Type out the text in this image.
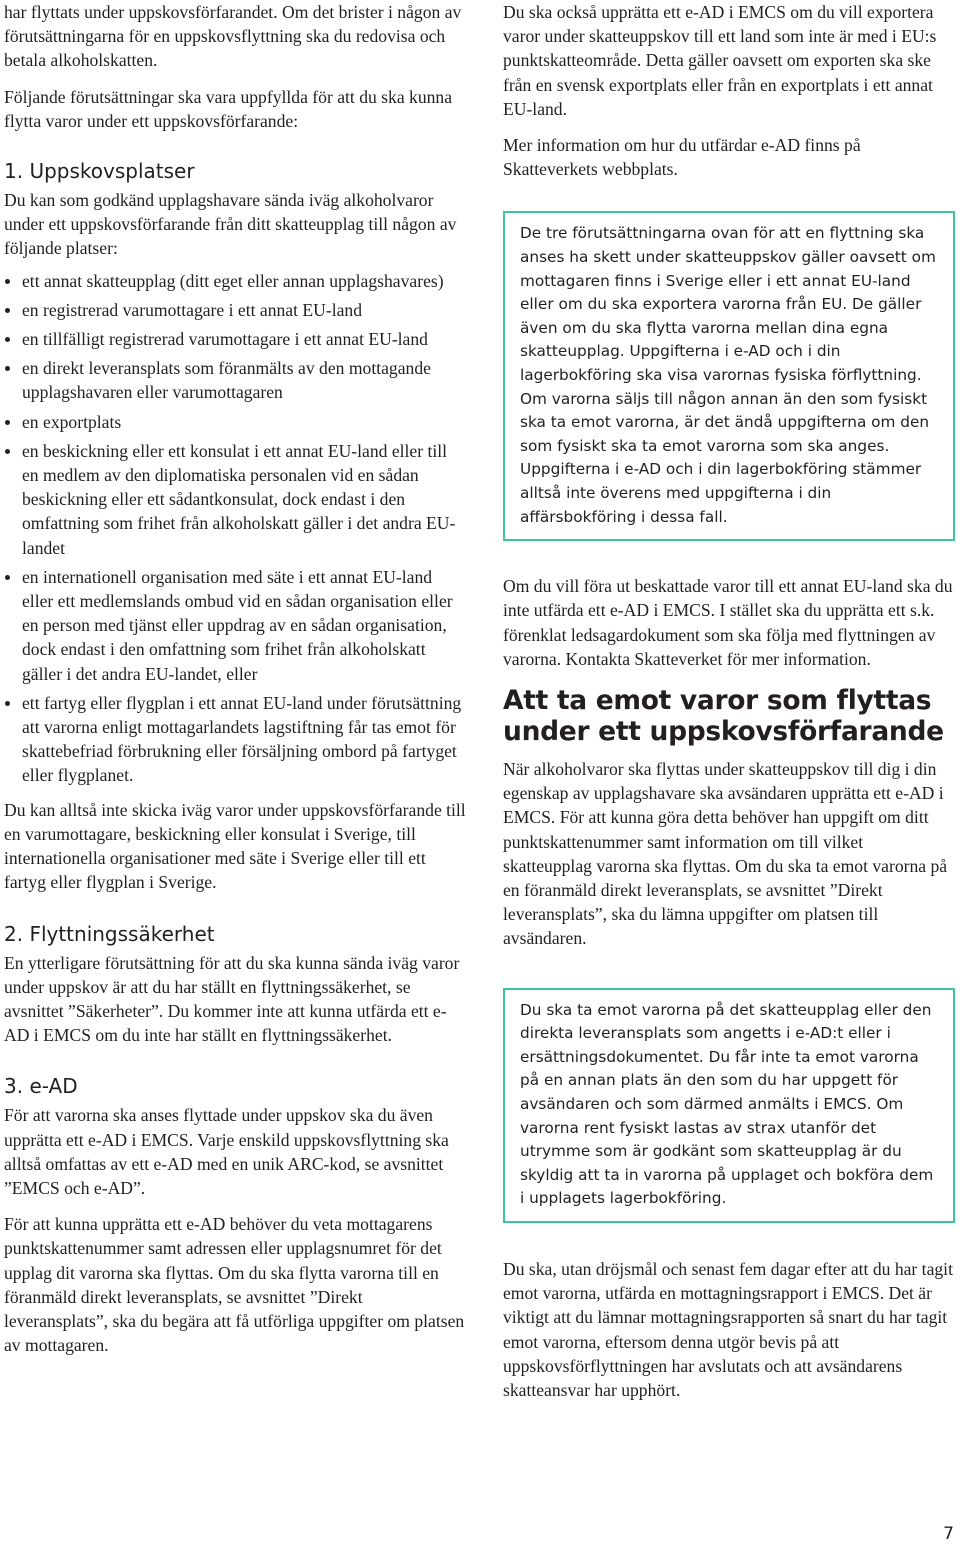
har flyttats under uppskovsförfarandet. Om det brister i någon av förutsättningarna för en uppskovsflyttning ska du redovisa och betala alkoholskatten.

Följande förutsättningar ska vara uppfyllda för att du ska kunna flytta varor under ett uppskovsförfarande:

1. Uppskovsplatser

Du kan som godkänd upplagshavare sända iväg alkoholvaror under ett uppskovsförfarande från ditt skatteupplag till någon av följande platser:

ett annat skatteupplag (ditt eget eller annan upplagshavares)
en registrerad varumottagare i ett annat EU-land
en tillfälligt registrerad varumottagare i ett annat EU-land
en direkt leveransplats som föranmälts av den mottagande upplagshavaren eller varumottagaren
en exportplats
en beskickning eller ett konsulat i ett annat EU-land eller till en medlem av den diplomatiska personalen vid en sådan beskickning eller ett sådantkonsulat, dock endast i den omfattning som frihet från alkoholskatt gäller i det andra EU-landet
en internationell organisation med säte i ett annat EU-land eller ett medlemslands ombud vid en sådan organisation eller en person med tjänst eller uppdrag av en sådan organisation, dock endast i den omfattning som frihet från alkoholskatt gäller i det andra EU-landet, eller
ett fartyg eller flygplan i ett annat EU-land under förutsättning att varorna enligt mottagarlandets lagstiftning får tas emot för skattebefriad förbrukning eller försäljning ombord på fartyget eller flygplanet.

Du kan alltså inte skicka iväg varor under uppskovsförfarande till en varumottagare, beskickning eller konsulat i Sverige, till internationella organisationer med säte i Sverige eller till ett fartyg eller flygplan i Sverige.

2. Flyttningssäkerhet

En ytterligare förutsättning för att du ska kunna sända iväg varor under uppskov är att du har ställt en flyttningssäkerhet, se avsnittet ”Säkerheter”. Du kommer inte att kunna utfärda ett e-AD i EMCS om du inte har ställt en flyttningssäkerhet.

3. e-AD

För att varorna ska anses flyttade under uppskov ska du även upprätta ett e-AD i EMCS. Varje enskild uppskovsflyttning ska alltså omfattas av ett e-AD med en unik ARC-kod, se avsnittet ”EMCS och e-AD”.

För att kunna upprätta ett e-AD behöver du veta mottagarens punktskattenummer samt adressen eller upplagsnumret för det upplag dit varorna ska flyttas. Om du ska flytta varorna till en föranmäld direkt leveransplats, se avsnittet ”Direkt leveransplats”, ska du begära att få utförliga uppgifter om platsen av mottagaren.

Du ska också upprätta ett e-AD i EMCS om du vill exportera varor under skatteuppskov till ett land som inte är med i EU:s punktskatteområde. Detta gäller oavsett om exporten ska ske från en svensk exportplats eller från en exportplats i ett annat EU-land.

Mer information om hur du utfärdar e-AD finns på Skatteverkets webbplats.

De tre förutsättningarna ovan för att en flyttning ska anses ha skett under skatteuppskov gäller oavsett om mottagaren finns i Sverige eller i ett annat EU-land eller om du ska exportera varorna från EU. De gäller även om du ska flytta varorna mellan dina egna skatteupplag. Uppgifterna i e-AD och i din lagerbokföring ska visa varornas fysiska förflyttning. Om varorna säljs till någon annan än den som fysiskt ska ta emot varorna, är det ändå uppgifterna om den som fysiskt ska ta emot varorna som ska anges. Uppgifterna i e-AD och i din lagerbokföring stämmer alltså inte överens med uppgifterna i din affärsbokföring i dessa fall.

Om du vill föra ut beskattade varor till ett annat EU-land ska du inte utfärda ett e-AD i EMCS. I stället ska du upprätta ett s.k. förenklat ledsagardokument som ska följa med flyttningen av varorna. Kontakta Skatteverket för mer information.

Att ta emot varor som flyttas under ett uppskovsförfarande

När alkoholvaror ska flyttas under skatteuppskov till dig i din egenskap av upplagshavare ska avsändaren upprätta ett e-AD i EMCS. För att kunna göra detta behöver han uppgift om ditt punktskattenummer samt information om till vilket skatteupplag varorna ska flyttas. Om du ska ta emot varorna på en föranmäld direkt leveransplats, se avsnittet ”Direkt leveransplats”, ska du lämna uppgifter om platsen till avsändaren.

Du ska ta emot varorna på det skatteupplag eller den direkta leveransplats som angetts i e-AD:t eller i ersättningsdokumentet. Du får inte ta emot varorna på en annan plats än den som du har uppgett för avsändaren och som därmed anmälts i EMCS. Om varorna rent fysiskt lastas av strax utanför det utrymme som är godkänt som skatteupplag är du skyldig att ta in varorna på upplaget och bokföra dem i upplagets lagerbokföring.

Du ska, utan dröjsmål och senast fem dagar efter att du har tagit emot varorna, utfärda en mottagningsrapport i EMCS. Det är viktigt att du lämnar mottagningsrapporten så snart du har tagit emot varorna, eftersom denna utgör bevis på att uppskovsförflyttningen har avslutats och att avsändarens skatteansvar har upphört.

7
